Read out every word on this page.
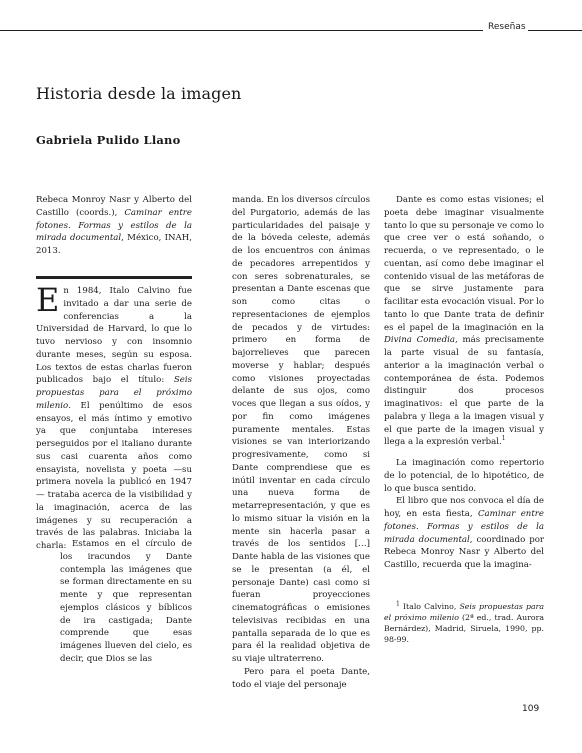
Reseñas
Historia desde la imagen
Gabriela Pulido Llano

Rebeca Monroy Nasr y Alberto del Castillo (coords.), Caminar entre fotones. Formas y estilos de la mirada documental, México, INAH, 2013.

En 1984, Italo Calvino fue invitado a dar una serie de conferencias a la Universidad de Harvard, lo que lo tuvo nervioso y con insomnio durante meses, según su esposa. Los textos de estas charlas fueron publicados bajo el título: Seis propuestas para el próximo milenio. El penúltimo de esos ensayos, el más íntimo y emotivo ya que conjuntaba intereses perseguidos por el italiano durante sus casi cuarenta años como ensayista, novelista y poeta —su primera novela la publicó en 1947— trataba acerca de la visibilidad y la imaginación, acerca de las imágenes y su recuperación a través de las palabras. Iniciaba la charla: Estamos en el círculo de los iracundos y Dante contempla las imágenes que se forman directamente en su mente y que representan ejemplos clásicos y bíblicos de ira castigada; Dante comprende que esas imágenes llueven del cielo, es decir, que Dios se las

manda. En los diversos círculos del Purgatorio, además de las particularidades del paisaje y de la bóveda celeste, además de los encuentros con ánimas de pecadores arrepentidos y con seres sobrenaturales, se presentan a Dante escenas que son como citas o representaciones de ejemplos de pecados y de virtudes: primero en forma de bajorrelieves que parecen moverse y hablar; después como visiones proyectadas delante de sus ojos, como voces que llegan a sus oídos, y por fin como imágenes puramente mentales. Estas visiones se van interiorizando progresivamente, como si Dante comprendiese que es inútil inventar en cada círculo una nueva forma de metarrepresentación, y que es lo mismo situar la visión en la mente sin hacerla pasar a través de los sentidos […] Dante habla de las visiones que se le presentan (a él, el personaje Dante) casi como si fueran proyecciones cinematográficas o emisiones televisivas recibidas en una pantalla separada de lo que es para él la realidad objetiva de su viaje ultraterreno.

Pero para el poeta Dante, todo el viaje del personaje

Dante es como estas visiones; el poeta debe imaginar visualmente tanto lo que su personaje ve como lo que cree ver o está soñando, o recuerda, o ve representado, o le cuentan, así como debe imaginar el contenido visual de las metáforas de que se sirve justamente para facilitar esta evocación visual. Por lo tanto lo que Dante trata de definir es el papel de la imaginación en la Divina Comedia, más precisamente la parte visual de su fantasía, anterior a la imaginación verbal o contemporánea de ésta. Podemos distinguir dos procesos imaginativos: el que parte de la palabra y llega a la imagen visual y el que parte de la imagen visual y llega a la expresión verbal.$^1$

La imaginación como repertorio de lo potencial, de lo hipotético, de lo que busca sentido.

El libro que nos convoca el día de hoy, en esta fiesta, Caminar entre fotones. Formas y estilos de la mirada documental, coordinado por Rebeca Monroy Nasr y Alberto del Castillo, recuerda que la imagina-

$^1$ Italo Calvino, Seis propuestas para el próximo milenio (2ª ed., trad. Aurora Bernárdez), Madrid, Siruela, 1990, pp. 98-99.

109
